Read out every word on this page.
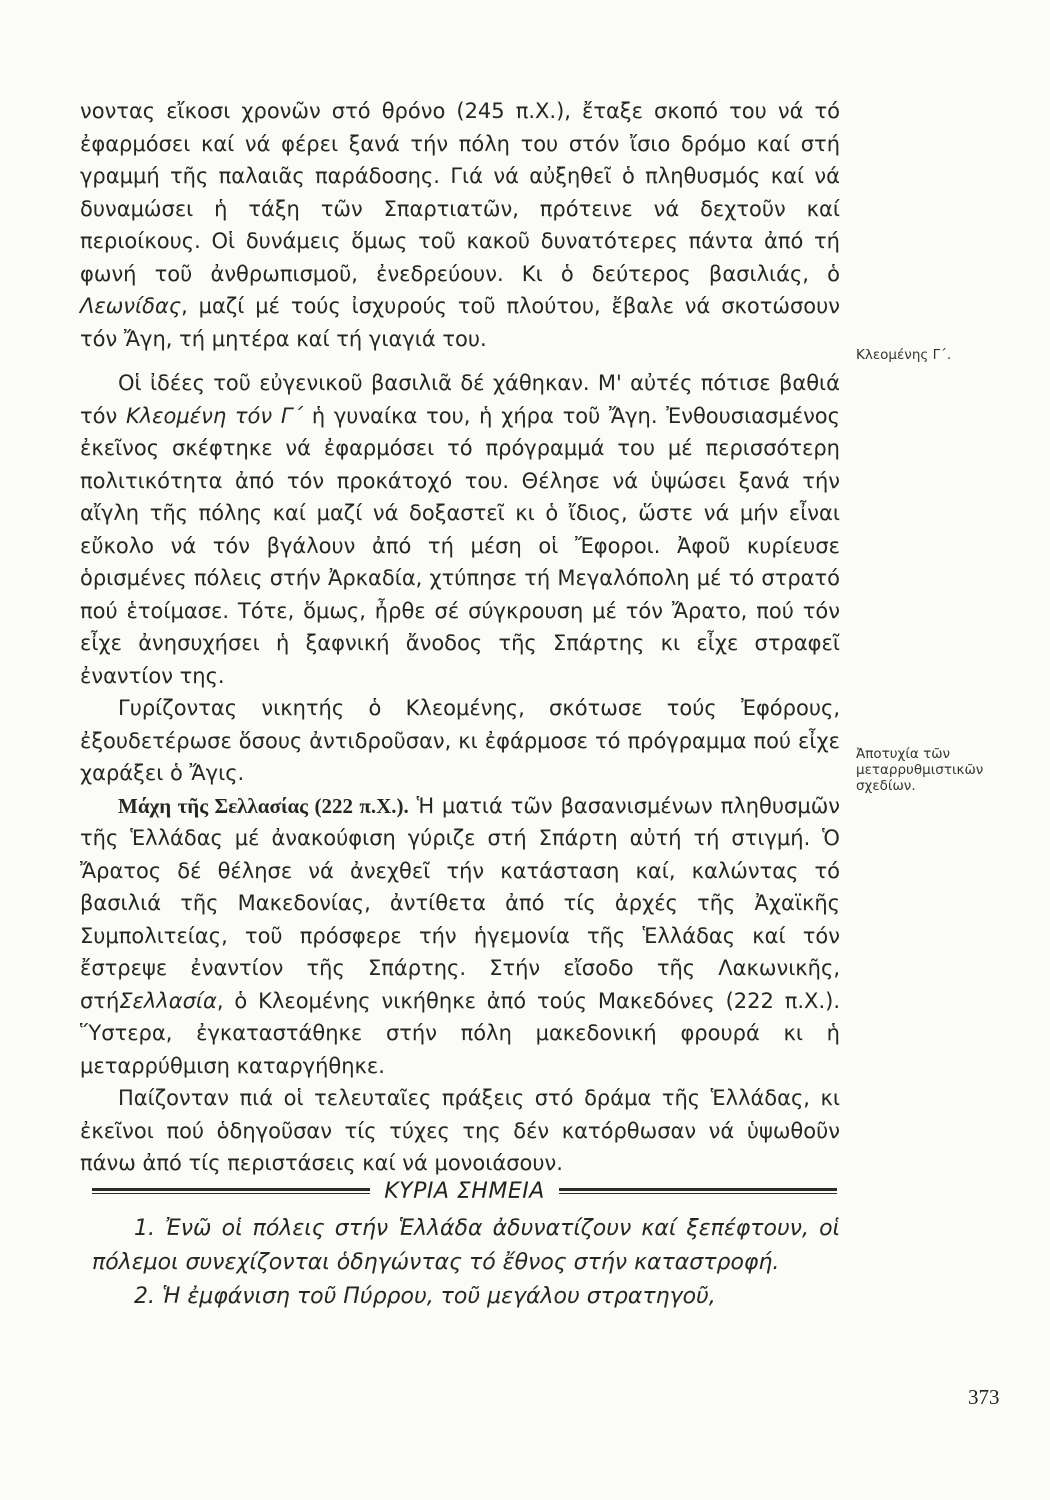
νοντας εἴκοσι χρονῶν στό θρόνο (245 π.Χ.), ἔταξε σκοπό του νά τό ἐφαρμόσει καί νά φέρει ξανά τήν πόλη του στόν ἴσιο δρόμο καί στή γραμμή τῆς παλαιᾶς παράδοσης. Γιά νά αὐξηθεῖ ὁ πληθυσμός καί νά δυναμώσει ἡ τάξη τῶν Σπαρτιατῶν, πρότεινε νά δεχτοῦν καί περιοίκους. Οἱ δυνάμεις ὅμως τοῦ κακοῦ δυνατότερες πάντα ἀπό τή φωνή τοῦ ἀνθρωπισμοῦ, ἐνεδρεύουν. Κι ὁ δεύτερος βασιλιάς, ὁ Λεωνίδας, μαζί μέ τούς ἰσχυρούς τοῦ πλούτου, ἔβαλε νά σκοτώσουν τόν Ἄγη, τή μητέρα καί τή γιαγιά του.

Οἱ ἰδέες τοῦ εὐγενικοῦ βασιλιᾶ δέ χάθηκαν. Μ' αὐτές πότισε βαθιά τόν Κλεομένη τόν Γ΄ ἡ γυναίκα του, ἡ χήρα τοῦ Ἄγη. Ἐνθουσιασμένος ἐκεῖνος σκέφτηκε νά ἐφαρμόσει τό πρόγραμμά του μέ περισσότερη πολιτικότητα ἀπό τόν προκάτοχό του. Θέλησε νά ὑψώσει ξανά τήν αἴγλη τῆς πόλης καί μαζί νά δοξαστεῖ κι ὁ ἴδιος, ὥστε νά μήν εἶναι εὔκολο νά τόν βγάλουν ἀπό τή μέση οἱ Ἔφοροι. Ἀφοῦ κυρίευσε ὁρισμένες πόλεις στήν Ἀρκαδία, χτύπησε τή Μεγαλόπολη μέ τό στρατό πού ἑτοίμασε. Τότε, ὅμως, ἦρθε σέ σύγκρουση μέ τόν Ἄρατο, πού τόν εἶχε ἀνησυχήσει ἡ ξαφνική ἄνοδος τῆς Σπάρτης κι εἶχε στραφεῖ ἐναντίον της.

Γυρίζοντας νικητής ὁ Κλεομένης, σκότωσε τούς Ἐφόρους, ἐξουδετέρωσε ὅσους ἀντιδροῦσαν, κι ἐφάρμοσε τό πρόγραμμα πού εἶχε χαράξει ὁ Ἄγις.

Μάχη τῆς Σελλασίας (222 π.Χ.). Ἡ ματιά τῶν βασανισμένων πληθυσμῶν τῆς Ἑλλάδας μέ ἀνακούφιση γύριζε στή Σπάρτη αὐτή τή στιγμή. Ὁ Ἄρατος δέ θέλησε νά ἀνεχθεῖ τήν κατάσταση καί, καλώντας τό βασιλιά τῆς Μακεδονίας, ἀντίθετα ἀπό τίς ἀρχές τῆς Ἀχαϊκῆς Συμπολιτείας, τοῦ πρόσφερε τήν ἡγεμονία τῆς Ἑλλάδας καί τόν ἔστρεψε ἐναντίον τῆς Σπάρτης. Στήν εἴσοδο τῆς Λακωνικῆς, στήΣελλασία, ὁ Κλεομένης νικήθηκε ἀπό τούς Μακεδόνες (222 π.Χ.). Ὕστερα, ἐγκαταστάθηκε στήν πόλη μακεδονική φρουρά κι ἡ μεταρρύθμιση καταργήθηκε.

Παίζονταν πιά οἱ τελευταῖες πράξεις στό δράμα τῆς Ἑλλάδας, κι ἐκεῖνοι πού ὁδηγοῦσαν τίς τύχες της δέν κατόρθωσαν νά ὑψωθοῦν πάνω ἀπό τίς περιστάσεις καί νά μονοιάσουν.

Κλεομένης Γ΄.
Ἀποτυχία τῶν μεταρρυθμιστικῶν σχεδίων.
ΚΥΡΙΑ ΣΗΜΕΙΑ

1. Ἐνῶ οἱ πόλεις στήν Ἑλλάδα ἀδυνατίζουν καί ξεπέφτουν, οἱ πόλεμοι συνεχίζονται ὁδηγώντας τό ἔθνος στήν καταστροφή.

2. Ἡ ἐμφάνιση τοῦ Πύρρου, τοῦ μεγάλου στρατηγοῦ,

373
